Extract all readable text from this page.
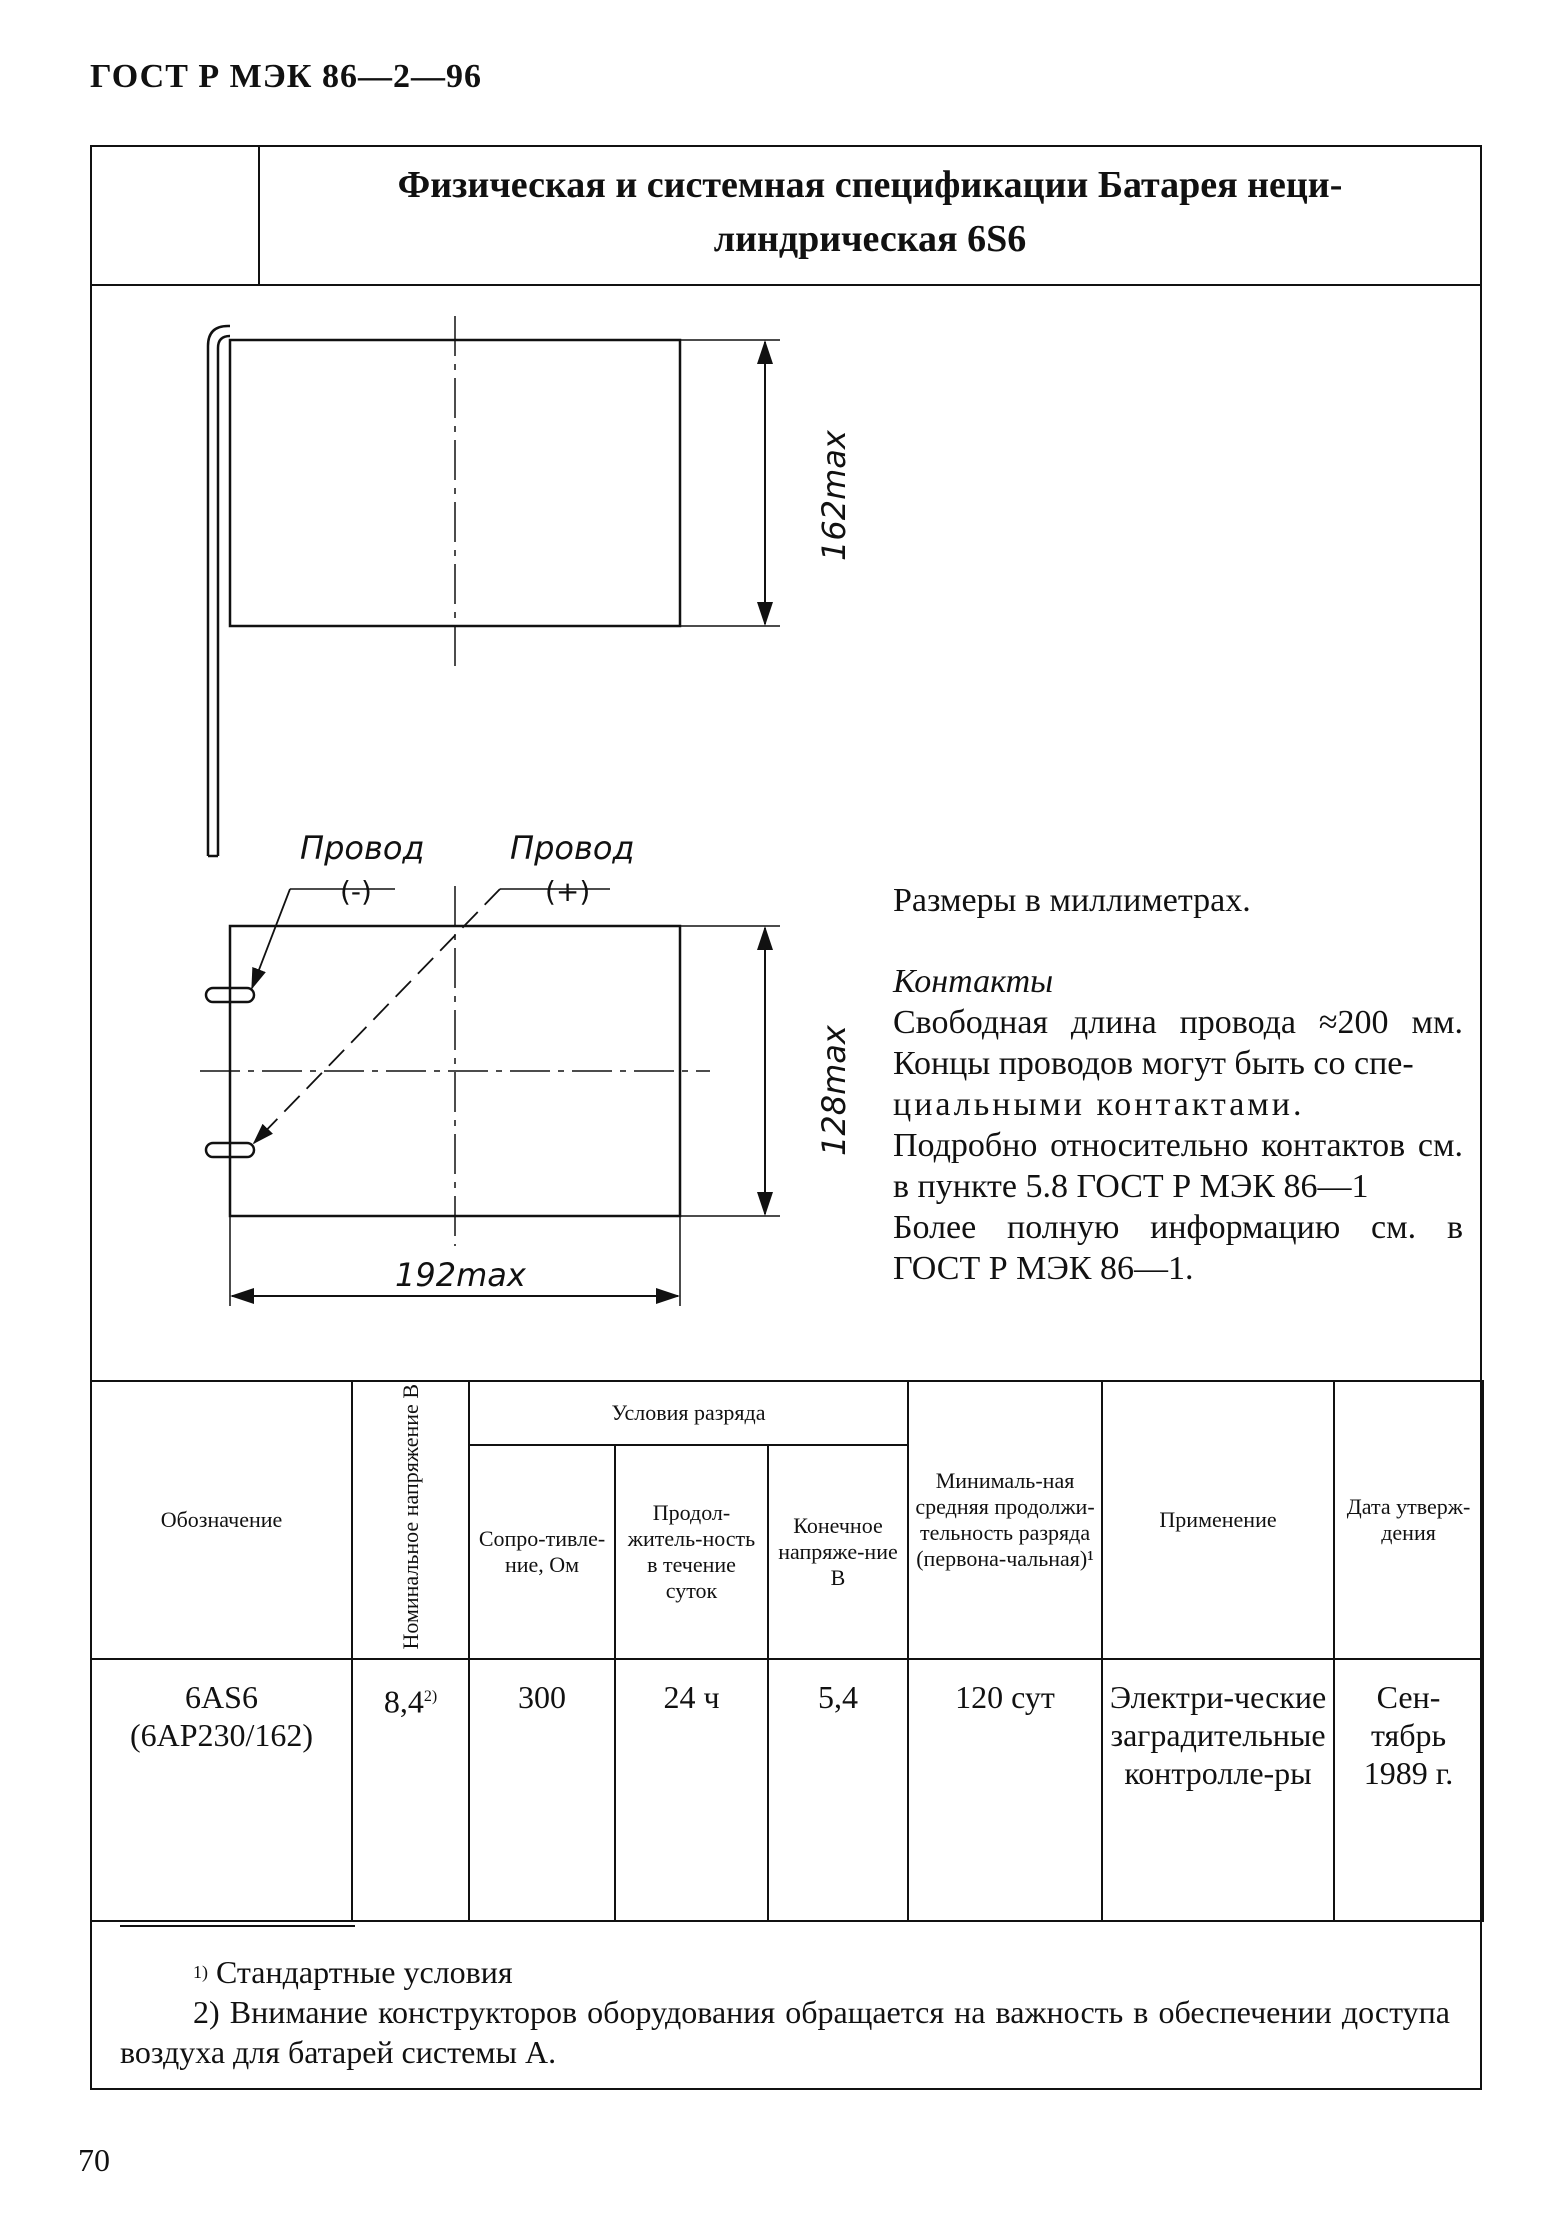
ГОСТ Р МЭК 86—2—96
Физическая и системная спецификации Батарея неци-
линдрическая 6S6
Провод
(-)
Провод
(+)
192max
162max
128max

Размеры в миллиметрах.

Контакты

Свободная длина провода ≈200 мм. Концы проводов могут быть со спе-

циальными контактами.

Подробно относительно контактов см. в пункте 5.8 ГОСТ Р МЭК 86—1

Более полную информацию см. в ГОСТ Р МЭК 86—1.

Обозначение	Номинальное напряжение В	Условия разряда			Минималь-ная средняя продолжи-тельность разряда (первона-чальная)¹	Применение	Дата утверж-дения
		Сопро-тивле-ние, Ом	Продол-житель-ность в течение суток	Конечное напряже-ние В			
6AS6 (6AP230/162)	8,4$^{2)}$	300	24 ч	5,4	120 сут	Электри-ческие заградительные контролле-ры	Сен-тябрь 1989 г.
$^{1)}$ Стандартные условия
2) Внимание конструкторов оборудования обращается на важность в обеспечении доступа воздуха для батарей системы А.
70
